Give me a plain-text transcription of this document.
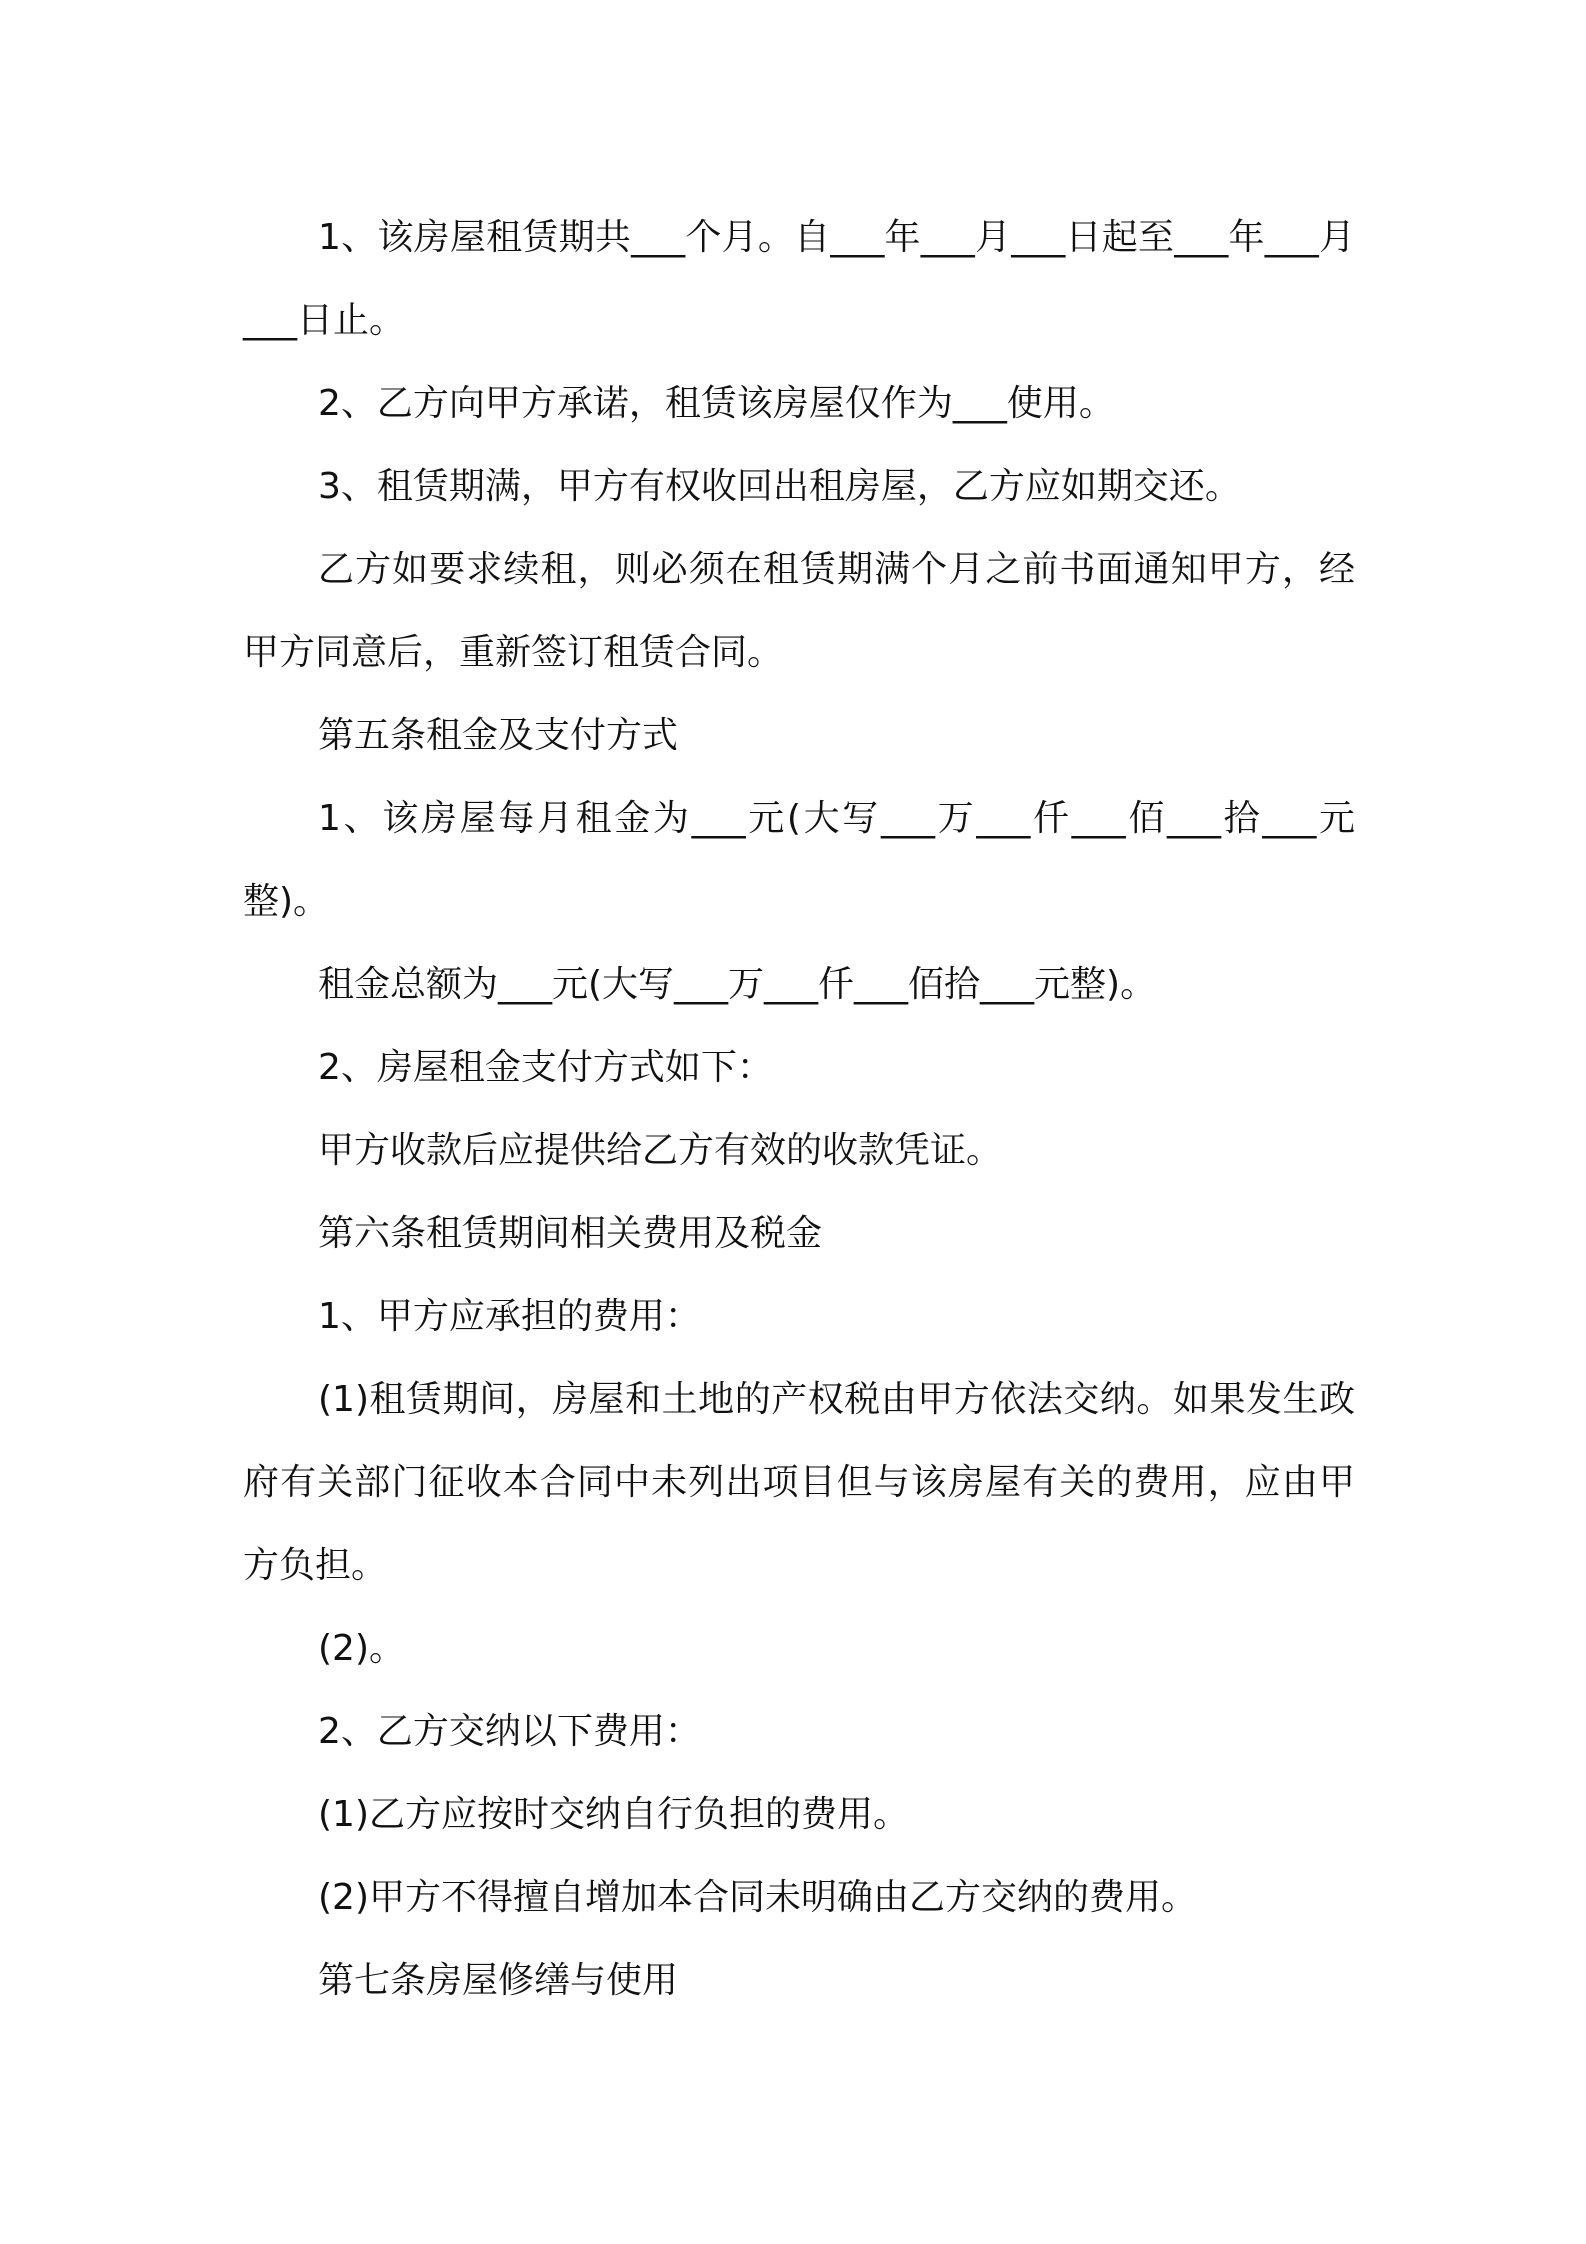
1、该房屋租赁期共___个月。自___年___月___日起至___年___月___日止。

2、乙方向甲方承诺，租赁该房屋仅作为___使用。

3、租赁期满，甲方有权收回出租房屋，乙方应如期交还。

乙方如要求续租，则必须在租赁期满个月之前书面通知甲方，经甲方同意后，重新签订租赁合同。

第五条租金及支付方式

1、该房屋每月租金为___元(大写___万___仟___佰___拾___元整)。

租金总额为___元(大写___万___仟___佰拾___元整)。

2、房屋租金支付方式如下：

甲方收款后应提供给乙方有效的收款凭证。

第六条租赁期间相关费用及税金

1、甲方应承担的费用：

(1)租赁期间，房屋和土地的产权税由甲方依法交纳。如果发生政府有关部门征收本合同中未列出项目但与该房屋有关的费用，应由甲方负担。

(2)。

2、乙方交纳以下费用：

(1)乙方应按时交纳自行负担的费用。

(2)甲方不得擅自增加本合同未明确由乙方交纳的费用。

第七条房屋修缮与使用
